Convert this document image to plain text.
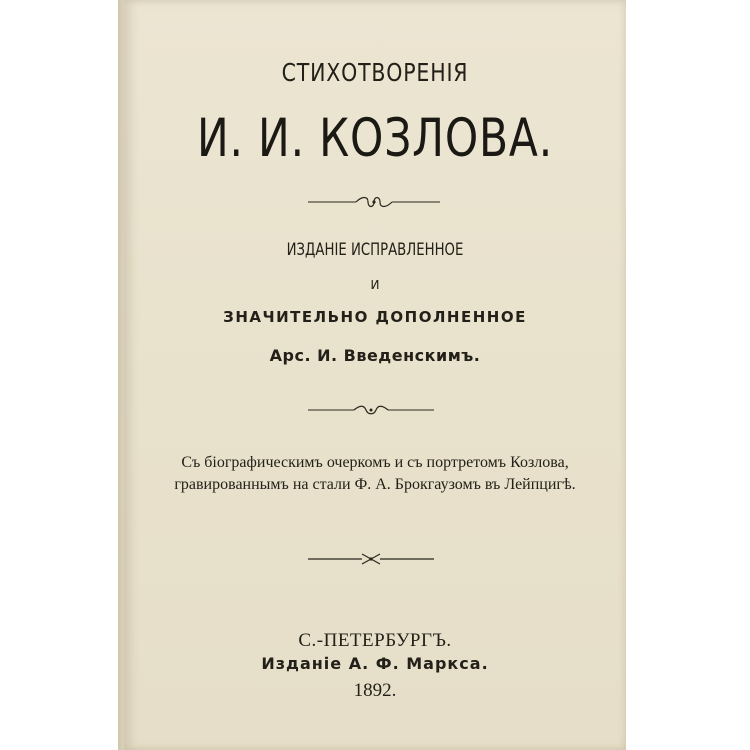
СТИХОТВОРЕНІЯ
И. И. КОЗЛОВА.
ИЗДАНІЕ ИСПРАВЛЕННОЕ
И
ЗНАЧИТЕЛЬНО ДОПОЛНЕННОЕ
Арс. И. Введенскимъ.
Съ біографическимъ очеркомъ и съ портретомъ Козлова,
гравированнымъ на стали Ф. А. Брокгаузомъ въ Лейпцигѣ.
С.-ПЕТЕРБУРГЪ.
Изданіе А. Ф. Маркса.
1892.
